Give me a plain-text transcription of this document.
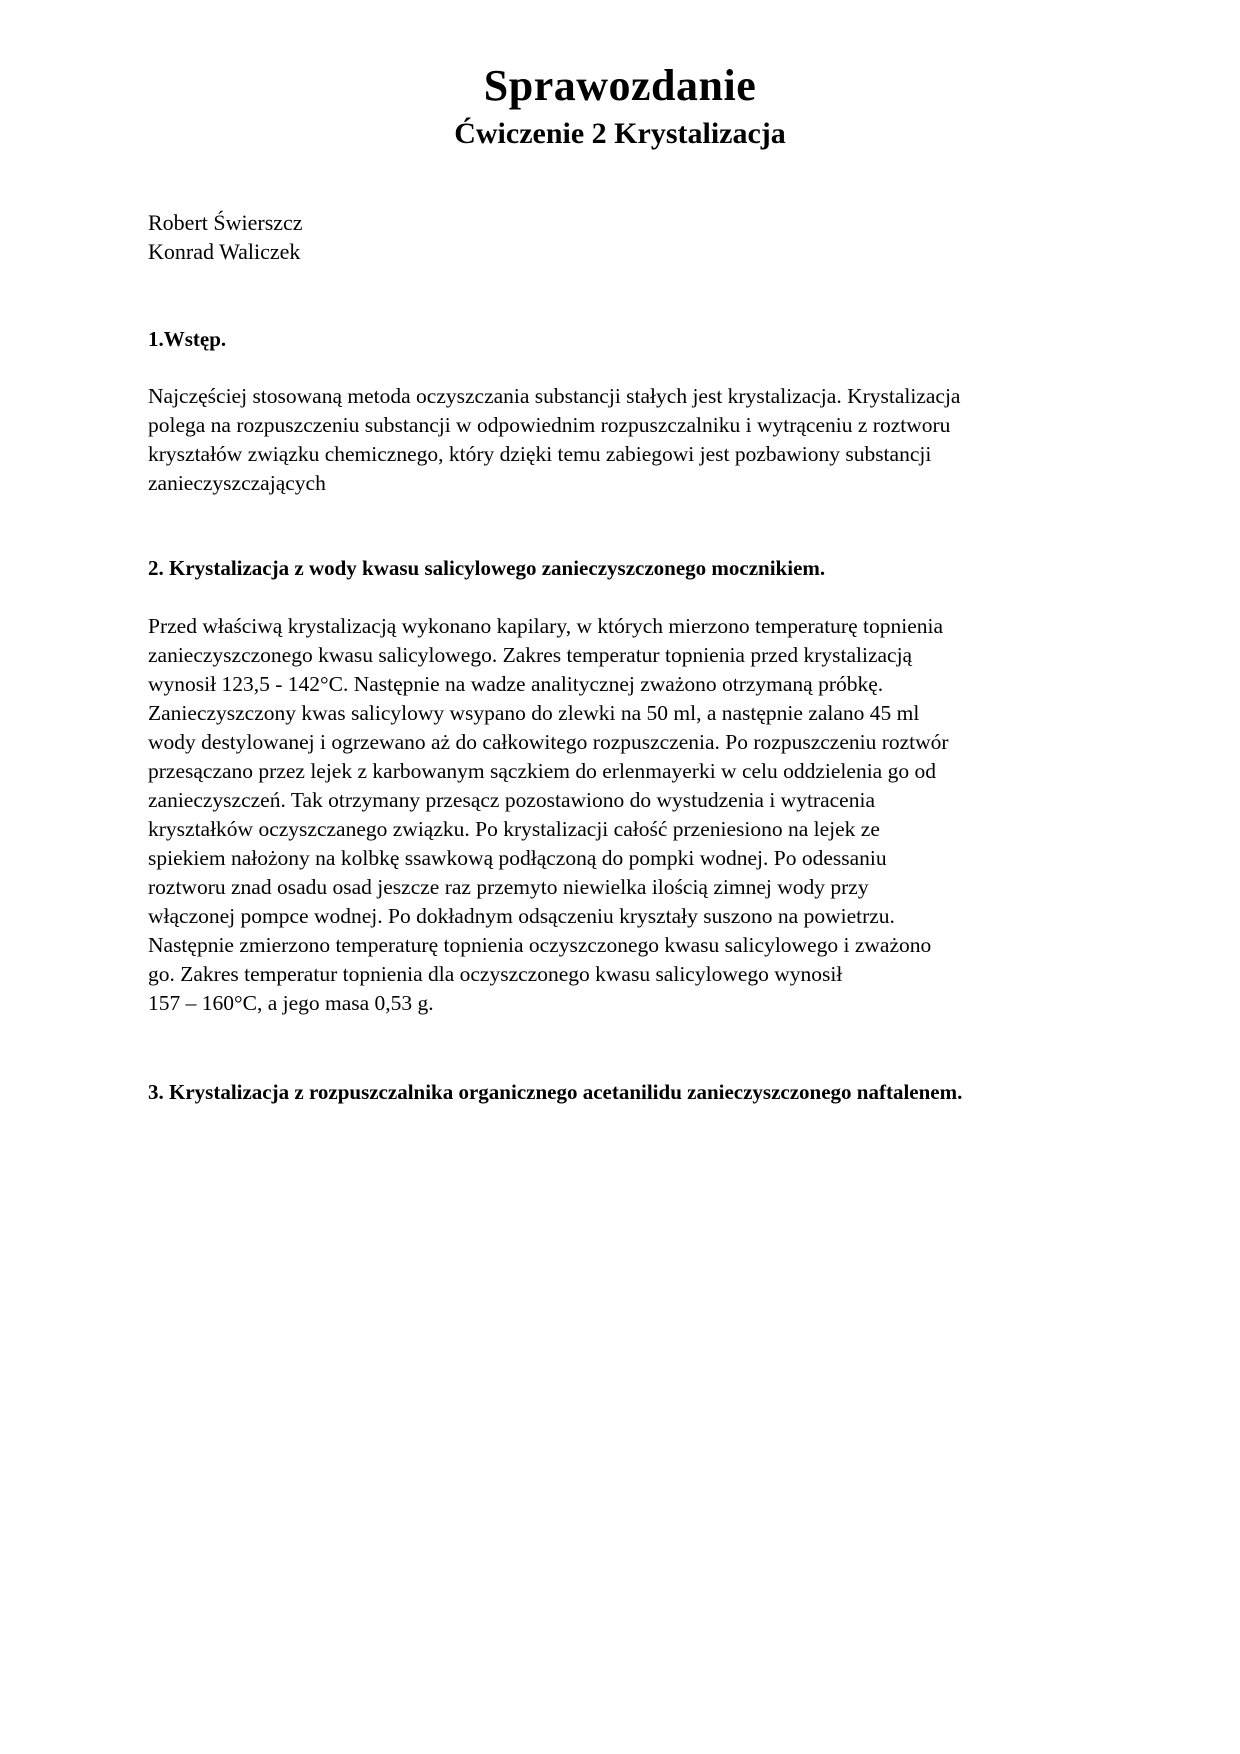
Sprawozdanie
Ćwiczenie 2 Krystalizacja
Robert Świerszcz
Konrad Waliczek
1.Wstęp.

Najczęściej stosowaną metoda oczyszczania substancji stałych jest krystalizacja. Krystalizacja
polega na rozpuszczeniu substancji w odpowiednim rozpuszczalniku i wytrąceniu z roztworu
kryształów związku chemicznego, który dzięki temu zabiegowi jest pozbawiony substancji
zanieczyszczających

2. Krystalizacja z wody kwasu salicylowego zanieczyszczonego mocznikiem.

Przed właściwą krystalizacją wykonano kapilary, w których mierzono temperaturę topnienia
zanieczyszczonego kwasu salicylowego. Zakres temperatur topnienia przed krystalizacją
wynosił 123,5 - 142°C. Następnie na wadze analitycznej zważono otrzymaną próbkę.
Zanieczyszczony kwas salicylowy wsypano do zlewki na 50 ml, a następnie zalano 45 ml
wody destylowanej i ogrzewano aż do całkowitego rozpuszczenia. Po rozpuszczeniu roztwór
przesączano przez lejek z karbowanym sączkiem do erlenmayerki w celu oddzielenia go od
zanieczyszczeń. Tak otrzymany przesącz pozostawiono do wystudzenia i wytracenia
kryształków oczyszczanego związku. Po krystalizacji całość przeniesiono na lejek ze
spiekiem nałożony na kolbkę ssawkową podłączoną do pompki wodnej. Po odessaniu
roztworu znad osadu osad jeszcze raz przemyto niewielka ilością zimnej wody przy
włączonej pompce wodnej. Po dokładnym odsączeniu kryształy suszono na powietrzu.
Następnie zmierzono temperaturę topnienia oczyszczonego kwasu salicylowego i zważono
go. Zakres temperatur topnienia dla oczyszczonego kwasu salicylowego wynosił
157 – 160°C, a jego masa 0,53 g.

3. Krystalizacja z rozpuszczalnika organicznego acetanilidu zanieczyszczonego naftalenem.
